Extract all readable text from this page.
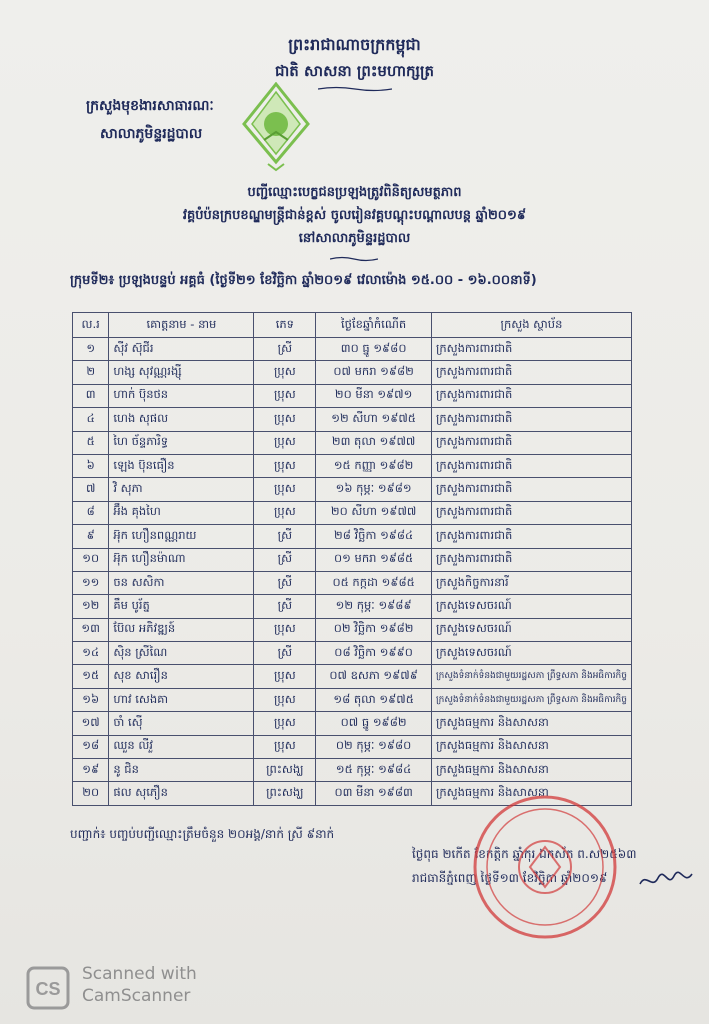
ព្រះរាជាណាចក្រកម្ពុជា
ជាតិ សាសនា ព្រះមហាក្សត្រ
ក្រសួងមុខងារសាធារណៈ
សាលាភូមិន្ទរដ្ឋបាល
បញ្ជីឈ្មោះបេក្ខជនប្រឡងត្រូវពិនិត្យសមត្ថភាព
វគ្គបំប៉នក្របខណ្ឌមន្ត្រីជាន់ខ្ពស់ ចូលរៀនវគ្គបណ្តុះបណ្តាលបន្ត ឆ្នាំ២០១៩
នៅសាលាភូមិន្ទរដ្ឋបាល
ក្រុមទី២៖ ប្រឡងបន្ទប់ អគ្គធំ (ថ្ងៃទី២១ ខែវិច្ឆិកា ឆ្នាំ២០១៩ វេលាម៉ោង ១៥.០០ - ១៦.០០នាទី)
ល.រ	គោត្តនាម - នាម	ភេទ	ថ្ងៃខែឆ្នាំកំណើត	ក្រសួង ស្ថាប័ន
១	ស៊ីវ ស៊ុជីរ	ស្រី	៣០ ធ្នូ ១៩៨០	ក្រសួងការពារជាតិ
២	ហង្ស សុវណ្ណរង្ស៊ី	ប្រុស	០៧ មករា ១៩៨២	ក្រសួងការពារជាតិ
៣	ហាក់ ប៊ុនថន	ប្រុស	២០ មីនា ១៩៧១	ក្រសួងការពារជាតិ
៤	ហេង សុផល	ប្រុស	១២ សីហា ១៩៧៥	ក្រសួងការពារជាតិ
៥	ហៃ ច័ន្ទភារិទ្ធ	ប្រុស	២៣ តុលា ១៩៧៧	ក្រសួងការពារជាតិ
៦	ឡេង ប៊ុនធឿន	ប្រុស	១៥ កញ្ញា ១៩៨២	ក្រសួងការពារជាតិ
៧	វិ សុភា	ប្រុស	១៦ កុម្ភៈ ១៩៨១	ក្រសួងការពារជាតិ
៨	អ៊ឹង គុងហៃ	ប្រុស	២០ សីហា ១៩៧៧	ក្រសួងការពារជាតិ
៩	អ៊ុក ហឿនពណ្ណរាយ	ស្រី	២៨ វិច្ឆិកា ១៩៨៤	ក្រសួងការពារជាតិ
១០	អ៊ុក ហឿនម៉ាណា	ស្រី	០១ មករា ១៩៨៥	ក្រសួងការពារជាតិ
១១	ចន សសិកា	ស្រី	០៥ កក្កដា ១៩៨៥	ក្រសួងកិច្ចការនារី
១២	គឹម បូរ័ត្ន	ស្រី	១២ កុម្ភៈ ១៩៨៩	ក្រសួងទេសចរណ៍
១៣	ប៊ែល អភិវឌ្ឍន៍	ប្រុស	០២ វិច្ឆិកា ១៩៨២	ក្រសួងទេសចរណ៍
១៤	ស៊ិន ស្រីណៃ	ស្រី	០៨ វិច្ឆិកា ១៩៩០	ក្រសួងទេសចរណ៍
១៥	សុខ សារឿន	ប្រុស	០៧ ឧសភា ១៩៧៩	ក្រសួងទំនាក់ទំនងជាមួយរដ្ឋសភា ព្រឹទ្ធសភា និងអធិការកិច្ច
១៦	ហាវ សេងគា	ប្រុស	១៨ តុលា ១៩៧៥	ក្រសួងទំនាក់ទំនងជាមួយរដ្ឋសភា ព្រឹទ្ធសភា និងអធិការកិច្ច
១៧	ចាំ ស៊ើ	ប្រុស	០៧ ធ្នូ ១៩៨២	ក្រសួងធម្មការ និងសាសនា
១៨	ឈួន លីវួ	ប្រុស	០២ កុម្ភៈ ១៩៨០	ក្រសួងធម្មការ និងសាសនា
១៩	នូ ជិន	ព្រះសង្ឃ	១៥ កុម្ភៈ ១៩៨៤	ក្រសួងធម្មការ និងសាសនា
២០	ផល សុភឿន	ព្រះសង្ឃ	០៣ មីនា ១៩៨៣	ក្រសួងធម្មការ និងសាសនា
បញ្ជាក់៖ បញ្ចប់បញ្ជីឈ្មោះត្រឹមចំនួន ២០អង្គ/នាក់ ស្រី ៩នាក់
ថ្ងៃពុធ ២កើត ខែកត្តិក ឆ្នាំកុរ ឯកស័ក ព.ស២៥៦៣
រាជធានីភ្នំពេញ ថ្ងៃទី១៣ ខែវិច្ឆិកា ឆ្នាំ២០១៩
CS
Scanned with
CamScanner
